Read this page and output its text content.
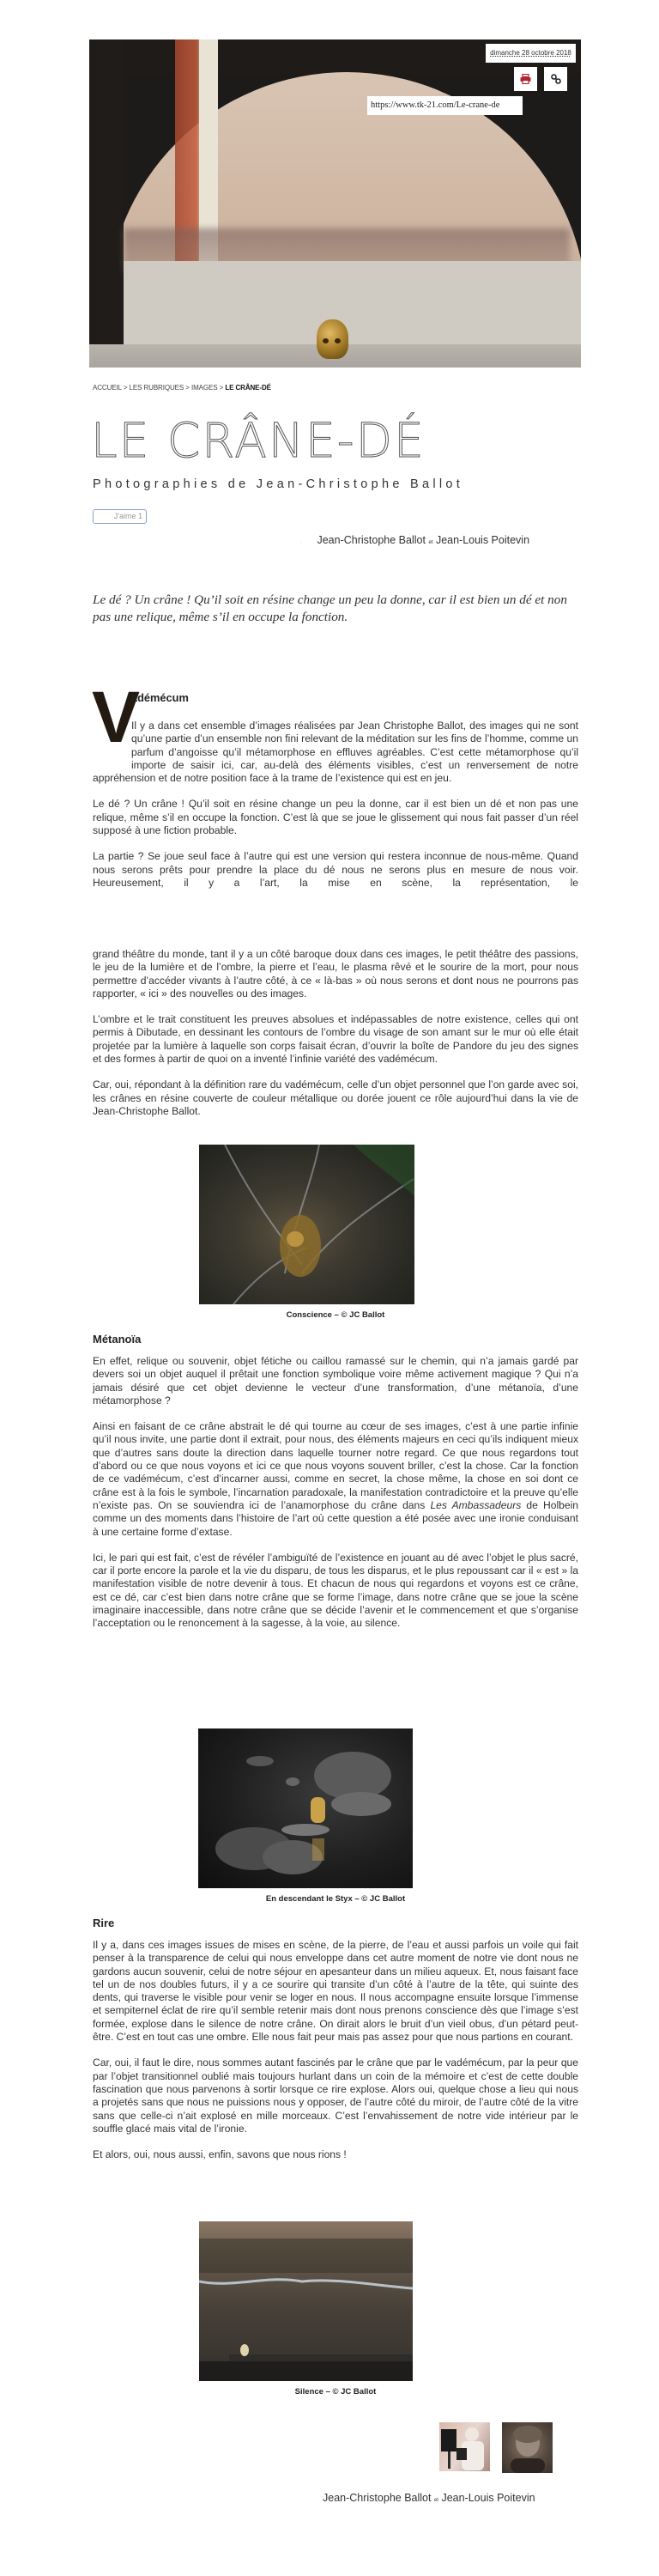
dimanche 28 octobre 2018
https://www.tk-21.com/Le-crane-de
ACCUEIL > LES RUBRIQUES > IMAGES > LE CRÂNE-DÉ
LE CRÂNE-DÉ
Photographies de Jean-Christophe Ballot
J'aime 1
· Jean-Christophe Ballot et Jean-Louis Poitevin
Le dé ? Un crâne ! Qu’il soit en résine change un peu la donne, car il est bien un dé et non pas une relique, même s’il en occupe la fonction.
V
adémécum

Il y a dans cet ensemble d’images réalisées par Jean Christophe Ballot, des images qui ne sont qu’une partie d’un ensemble non fini relevant de la méditation sur les fins de l’homme, comme un parfum d’angoisse qu’il métamorphose en effluves agréables. C’est cette métamorphose qu’il importe de saisir ici, car, au-delà des éléments visibles, c’est un renversement de notre appréhension et de notre position face à la trame de l’existence qui est en jeu.

Le dé ? Un crâne ! Qu’il soit en résine change un peu la donne, car il est bien un dé et non pas une relique, même s’il en occupe la fonction. C’est là que se joue le glissement qui nous fait passer d’un réel supposé à une fiction probable.

La partie ? Se joue seul face à l’autre qui est une version qui restera inconnue de nous-même. Quand nous serons prêts pour prendre la place du dé nous ne serons plus en mesure de nous voir. Heureusement, il y a l’art, la mise en scène, la représentation, le

grand théâtre du monde, tant il y a un côté baroque doux dans ces images, le petit théâtre des passions, le jeu de la lumière et de l’ombre, la pierre et l’eau, le plasma rêvé et le sourire de la mort, pour nous permettre d’accéder vivants à l’autre côté, à ce « là-bas » où nous serons et dont nous ne pourrons pas rapporter, « ici » des nouvelles ou des images.

L’ombre et le trait constituent les preuves absolues et indépassables de notre existence, celles qui ont permis à Dibutade, en dessinant les contours de l’ombre du visage de son amant sur le mur où elle était projetée par la lumière à laquelle son corps faisait écran, d’ouvrir la boîte de Pandore du jeu des signes et des formes à partir de quoi on a inventé l’infinie variété des vadémécum.

Car, oui, répondant à la définition rare du vadémécum, celle d’un objet personnel que l’on garde avec soi, les crânes en résine couverte de couleur métallique ou dorée jouent ce rôle aujourd’hui dans la vie de Jean-Christophe Ballot.

Conscience – © JC Ballot
Métanoïa

En effet, relique ou souvenir, objet fétiche ou caillou ramassé sur le chemin, qui n’a jamais gardé par devers soi un objet auquel il prêtait une fonction symbolique voire même activement magique ? Qui n’a jamais désiré que cet objet devienne le vecteur d’une transformation, d’une métanoïa, d’une métamorphose ?

Ainsi en faisant de ce crâne abstrait le dé qui tourne au cœur de ses images, c’est à une partie infinie qu’il nous invite, une partie dont il extrait, pour nous, des éléments majeurs en ceci qu’ils indiquent mieux que d’autres sans doute la direction dans laquelle tourner notre regard. Ce que nous regardons tout d’abord ou ce que nous voyons et ici ce que nous voyons souvent briller, c’est la chose. Car la fonction de ce vadémécum, c’est d’incarner aussi, comme en secret, la chose même, la chose en soi dont ce crâne est à la fois le symbole, l’incarnation paradoxale, la manifestation contradictoire et la preuve qu’elle n’existe pas. On se souviendra ici de l’anamorphose du crâne dans Les Ambassadeurs de Holbein comme un des moments dans l’histoire de l’art où cette question a été posée avec une ironie conduisant à une certaine forme d’extase.

Ici, le pari qui est fait, c’est de révéler l’ambiguïté de l’existence en jouant au dé avec l’objet le plus sacré, car il porte encore la parole et la vie du disparu, de tous les disparus, et le plus repoussant car il « est » la manifestation visible de notre devenir à tous. Et chacun de nous qui regardons et voyons est ce crâne, est ce dé, car c’est bien dans notre crâne que se forme l’image, dans notre crâne que se joue la scène imaginaire inaccessible, dans notre crâne que se décide l’avenir et le commencement et que s’organise l’acceptation ou le renoncement à la sagesse, à la voie, au silence.

En descendant le Styx – © JC Ballot
Rire

Il y a, dans ces images issues de mises en scène, de la pierre, de l’eau et aussi parfois un voile qui fait penser à la transparence de celui qui nous enveloppe dans cet autre moment de notre vie dont nous ne gardons aucun souvenir, celui de notre séjour en apesanteur dans un milieu aqueux. Et, nous faisant face tel un de nos doubles futurs, il y a ce sourire qui transite d’un côté à l’autre de la tête, qui suinte des dents, qui traverse le visible pour venir se loger en nous. Il nous accompagne ensuite lorsque l’immense et sempiternel éclat de rire qu’il semble retenir mais dont nous prenons conscience dès que l’image s’est formée, explose dans le silence de notre crâne. On dirait alors le bruit d’un vieil obus, d’un pétard peut-être. C’est en tout cas une ombre. Elle nous fait peur mais pas assez pour que nous partions en courant.

Car, oui, il faut le dire, nous sommes autant fascinés par le crâne que par le vadémécum, par la peur que par l’objet transitionnel oublié mais toujours hurlant dans un coin de la mémoire et c’est de cette double fascination que nous parvenons à sortir lorsque ce rire explose. Alors oui, quelque chose a lieu qui nous a projetés sans que nous ne puissions nous y opposer, de l’autre côté du miroir, de l’autre côté de la vitre sans que celle-ci n’ait explosé en mille morceaux. C’est l’envahissement de notre vide intérieur par le souffle glacé mais vital de l’ironie.

Et alors, oui, nous aussi, enfin, savons que nous rions !

Silence – © JC Ballot
Jean-Christophe Ballot et Jean-Louis Poitevin
